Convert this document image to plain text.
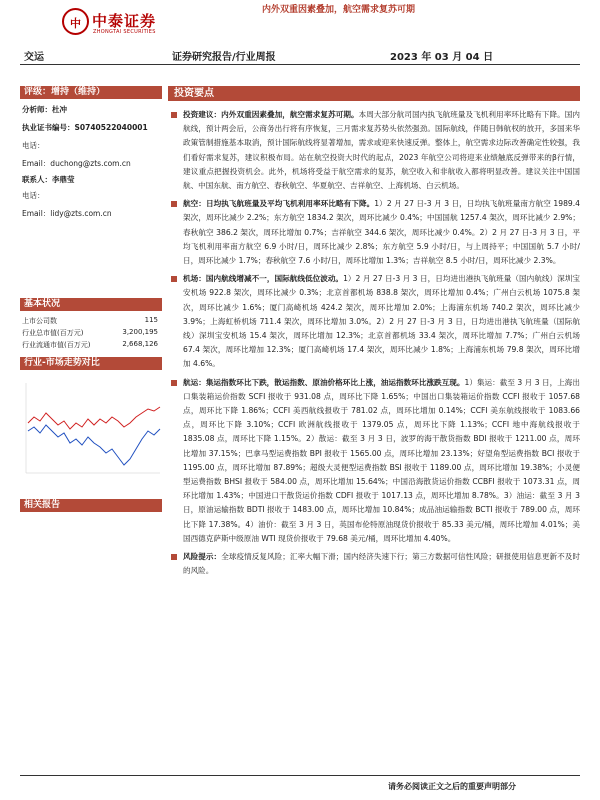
内外双重因素叠加，航空需求复苏可期
中 中泰证券
ZHONGTAI SECURITIES
交运	证券研究报告/行业周报	2023 年 03 月 04 日
评级：增持（维持）
分析师：杜冲
执业证书编号：S0740522040001
电话：
Email：duchong@zts.com.cn
联系人：李鼎莹
电话：
Email：lidy@zts.com.cn
基本状况
上市公司数	115
行业总市值(百万元)	3,200,195
行业流通市值(百万元)	2,668,126
行业-市场走势对比
相关报告
投资要点
投资建议：内外双重因素叠加，航空需求复苏可期。本周大部分航司国内执飞航班量及飞机利用率环比略有下降。国内航线，预计两会后，公商务出行将有序恢复，三月需求复苏势头依然强劲。国际航线，伴随日韩航权的放开，多国来华政策管制措施基本取消，预计国际航线将显著增加，需求或迎来快速反弹。整体上，航空需求边际改善确定性较强，我们看好需求复苏，建议积极布局。站在航空投资大时代的起点，2023 年航空公司将迎来业绩触底反弹带来的β行情，建议重点把握投资机会。此外，机场将受益于航空需求的复苏，航空收入和非航收入都将明显改善。建议关注中国国航、中国东航、南方航空、春秋航空、华夏航空、吉祥航空、上海机场、白云机场。
航空：日均执飞航班量及平均飞机利用率环比略有下降。1）2 月 27 日-3 月 3 日，日均执飞航班量南方航空 1989.4 架次，周环比减少 2.2%；东方航空 1834.2 架次，周环比减少 0.4%；中国国航 1257.4 架次，周环比减少 2.9%；春秋航空 386.2 架次，周环比增加 0.7%；吉祥航空 344.6 架次，周环比减少 0.4%。2）2 月 27 日-3 月 3 日，平均飞机利用率南方航空 6.9 小时/日，周环比减少 2.8%；东方航空 5.9 小时/日，与上周持平；中国国航 5.7 小时/日，周环比减少 1.7%；春秋航空 7.6 小时/日，周环比增加 1.3%；吉祥航空 8.5 小时/日，周环比减少 2.3%。
机场：国内航线增减不一，国际航线低位波动。1）2 月 27 日-3 月 3 日，日均进出港执飞航班量（国内航线）深圳宝安机场 922.8 架次，周环比减少 0.3%；北京首都机场 838.8 架次，周环比增加 0.4%；广州白云机场 1075.8 架次，周环比减少 1.6%；厦门高崎机场 424.2 架次，周环比增加 2.0%；上海浦东机场 740.2 架次，周环比减少 3.9%；上海虹桥机场 711.4 架次，周环比增加 3.0%。2）2 月 27 日-3 月 3 日，日均进出港执飞航班量（国际航线）深圳宝安机场 15.4 架次，周环比增加 12.3%；北京首都机场 33.4 架次，周环比增加 7.7%；广州白云机场 67.4 架次，周环比增加 12.3%；厦门高崎机场 17.4 架次，周环比减少 1.8%；上海浦东机场 79.8 架次，周环比增加 4.6%。
航运：集运指数环比下跌，散运指数、原油价格环比上涨，油运指数环比涨跌互现。1）集运：截至 3 月 3 日，上海出口集装箱运价指数 SCFI 报收于 931.08 点，周环比下降 1.65%；中国出口集装箱运价指数 CCFI 报收于 1057.68 点，周环比下降 1.86%；CCFI 美西航线报收于 781.02 点，周环比增加 0.14%；CCFI 美东航线报收于 1083.66 点，周环比下降 3.10%；CCFI 欧洲航线报收于 1379.05 点，周环比下降 1.13%；CCFI 地中海航线报收于 1835.08 点，周环比下降 1.15%。2）散运：截至 3 月 3 日，波罗的海干散货指数 BDI 报收于 1211.00 点，周环比增加 37.15%；巴拿马型运费指数 BPI 报收于 1565.00 点，周环比增加 23.13%；好望角型运费指数 BCI 报收于 1195.00 点，周环比增加 87.89%；超级大灵便型运费指数 BSI 报收于 1189.00 点，周环比增加 19.38%；小灵便型运费指数 BHSI 报收于 584.00 点，周环比增加 15.64%；中国沿海散货运价指数 CCBFI 报收于 1073.31 点，周环比增加 1.43%；中国进口干散货运价指数 CDFI 报收于 1017.13 点，周环比增加 8.78%。3）油运：截至 3 月 3 日，原油运输指数 BDTI 报收于 1483.00 点，周环比增加 10.84%；成品油运输指数 BCTI 报收于 789.00 点，周环比下降 17.38%。4）油价：截至 3 月 3 日，英国布伦特原油现货价报收于 85.33 美元/桶，周环比增加 4.01%；美国西德克萨斯中级原油 WTI 现货价报收于 79.68 美元/桶，周环比增加 4.40%。
风险提示：全球疫情反复风险；汇率大幅下滑；国内经济失速下行；第三方数据可信性风险；研报使用信息更新不及时的风险。
请务必阅读正文之后的重要声明部分
